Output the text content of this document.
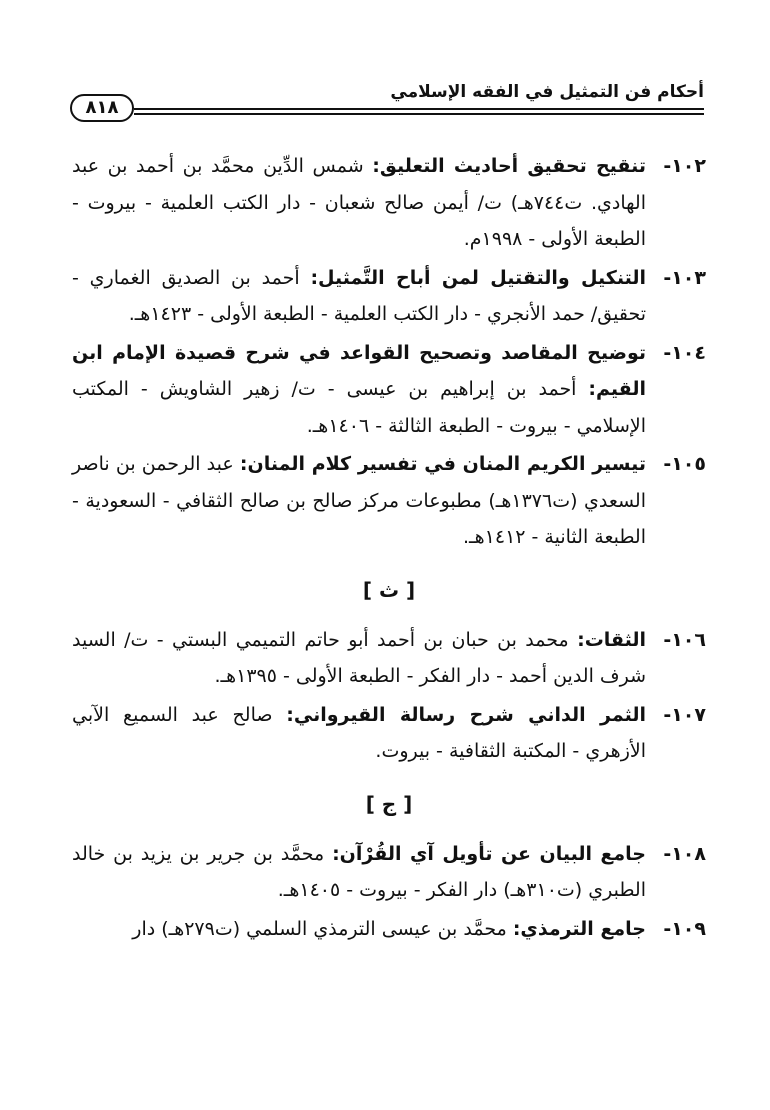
أحكام فن التمثيل في الفقه الإسلامي
٨١٨
١٠٢-
تنقيح تحقيق أحاديث التعليق: شمس الدِّين محمَّد بن أحمد بن عبد الهادي. ت٧٤٤هـ) ت/ أيمن صالح شعبان - دار الكتب العلمية - بيروت - الطبعة الأولى - ١٩٩٨م.
١٠٣-
التنكيل والتقتيل لمن أباح التَّمثيل: أحمد بن الصديق الغماري - تحقيق/ حمد الأنجري - دار الكتب العلمية - الطبعة الأولى - ١٤٢٣هـ.
١٠٤-
توضيح المقاصد وتصحيح القواعد في شرح قصيدة الإمام ابن القيم: أحمد بن إبراهيم بن عيسى - ت/ زهير الشاويش - المكتب الإسلامي - بيروت - الطبعة الثالثة - ١٤٠٦هـ.
١٠٥-
تيسير الكريم المنان في تفسير كلام المنان: عبد الرحمن بن ناصر السعدي (ت١٣٧٦هـ) مطبوعات مركز صالح بن صالح الثقافي - السعودية - الطبعة الثانية - ١٤١٢هـ.
[ ث ]
١٠٦-
الثقات: محمد بن حبان بن أحمد أبو حاتم التميمي البستي - ت/ السيد شرف الدين أحمد - دار الفكر - الطبعة الأولى - ١٣٩٥هـ.
١٠٧-
الثمر الداني شرح رسالة القيرواني: صالح عبد السميع الآبي الأزهري - المكتبة الثقافية - بيروت.
[ ج ]
١٠٨-
جامع البيان عن تأويل آي القُرْآن: محمَّد بن جرير بن يزيد بن خالد الطبري (ت٣١٠هـ) دار الفكر - بيروت - ١٤٠٥هـ.
١٠٩-
جامع الترمذي: محمَّد بن عيسى الترمذي السلمي (ت٢٧٩هـ) دار
